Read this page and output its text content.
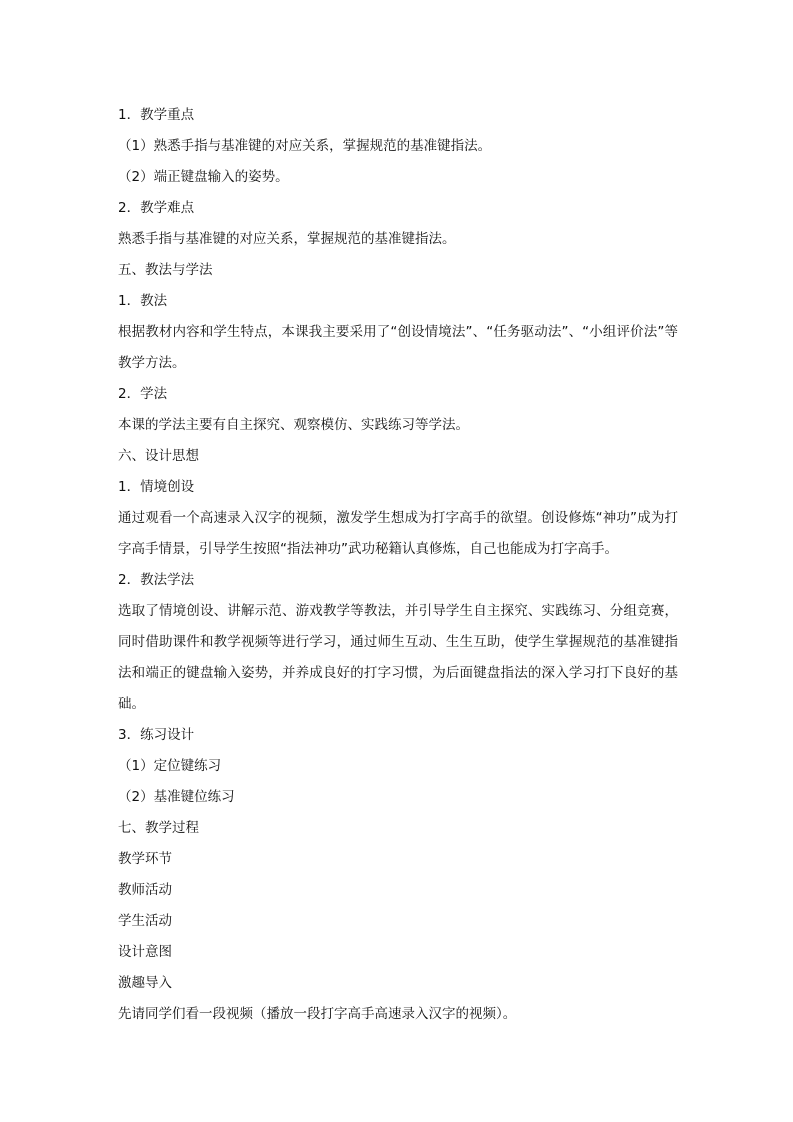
1．教学重点
（1）熟悉手指与基准键的对应关系，掌握规范的基准键指法。
（2）端正键盘输入的姿势。
2．教学难点
熟悉手指与基准键的对应关系，掌握规范的基准键指法。
五、教法与学法
1．教法
根据教材内容和学生特点，本课我主要采用了“创设情境法”、“任务驱动法”、“小组评价法”等教学方法。
2．学法
本课的学法主要有自主探究、观察模仿、实践练习等学法。
六、设计思想
1．情境创设
通过观看一个高速录入汉字的视频，激发学生想成为打字高手的欲望。创设修炼“神功”成为打字高手情景，引导学生按照“指法神功”武功秘籍认真修炼，自己也能成为打字高手。
2．教法学法
选取了情境创设、讲解示范、游戏教学等教法，并引导学生自主探究、实践练习、分组竞赛，同时借助课件和教学视频等进行学习，通过师生互动、生生互助，使学生掌握规范的基准键指法和端正的键盘输入姿势，并养成良好的打字习惯，为后面键盘指法的深入学习打下良好的基础。
3．练习设计
（1）定位键练习
（2）基准键位练习
七、教学过程
教学环节
教师活动
学生活动
设计意图
激趣导入
先请同学们看一段视频（播放一段打字高手高速录入汉字的视频）。
